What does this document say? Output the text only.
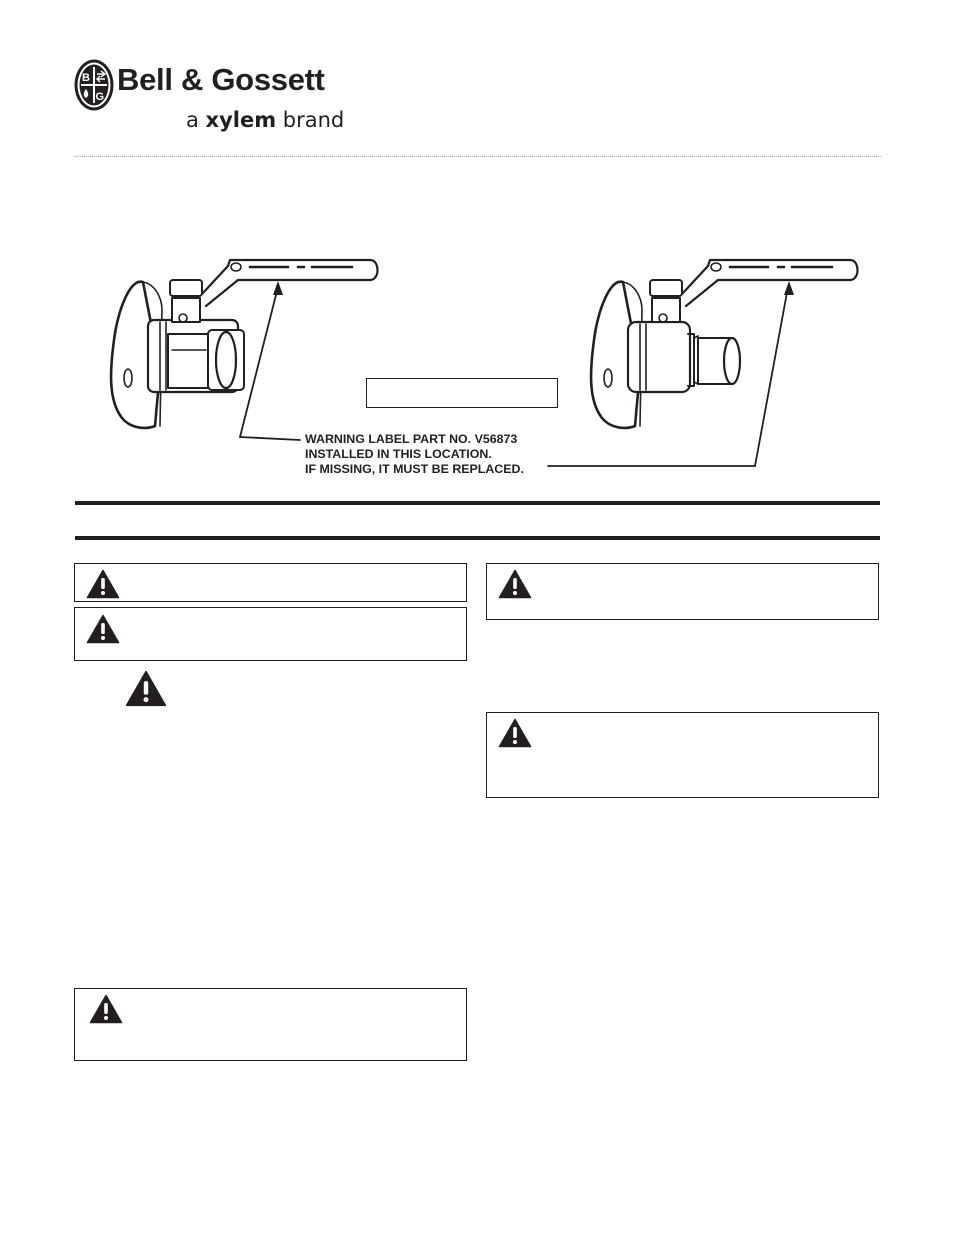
B
G Bell & Gossett
a xylem brand
WARNING LABEL PART NO. V56873
INSTALLED IN THIS LOCATION.
IF MISSING, IT MUST BE REPLACED.
